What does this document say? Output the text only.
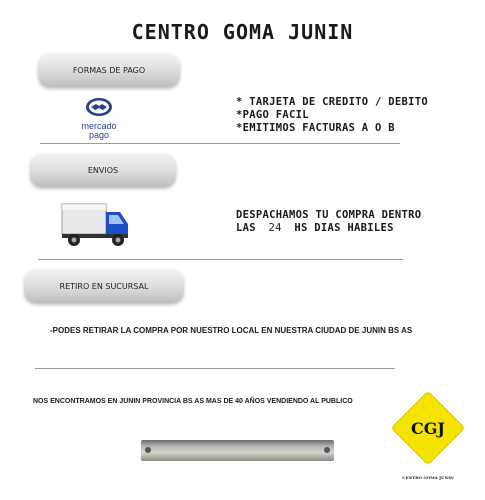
CENTRO GOMA JUNIN
FORMAS DE PAGO
mercado
pago
* TARJETA DE CREDITO / DEBITO
*PAGO FACIL
*EMITIMOS FACTURAS A O B
ENVIOS
DESPACHAMOS TU COMPRA DENTRO
LAS 24 HS DIAS HABILES
RETIRO EN SUCURSAL
-PODES RETIRAR LA COMPRA POR NUESTRO LOCAL EN NUESTRA CIUDAD DE JUNIN BS AS
NOS ENCONTRAMOS EN JUNIN PROVINCIA BS AS MAS DE 40 AÑOS VENDIENDO AL PUBLICO
CGJ
CENTRO GOMA JUNIN
